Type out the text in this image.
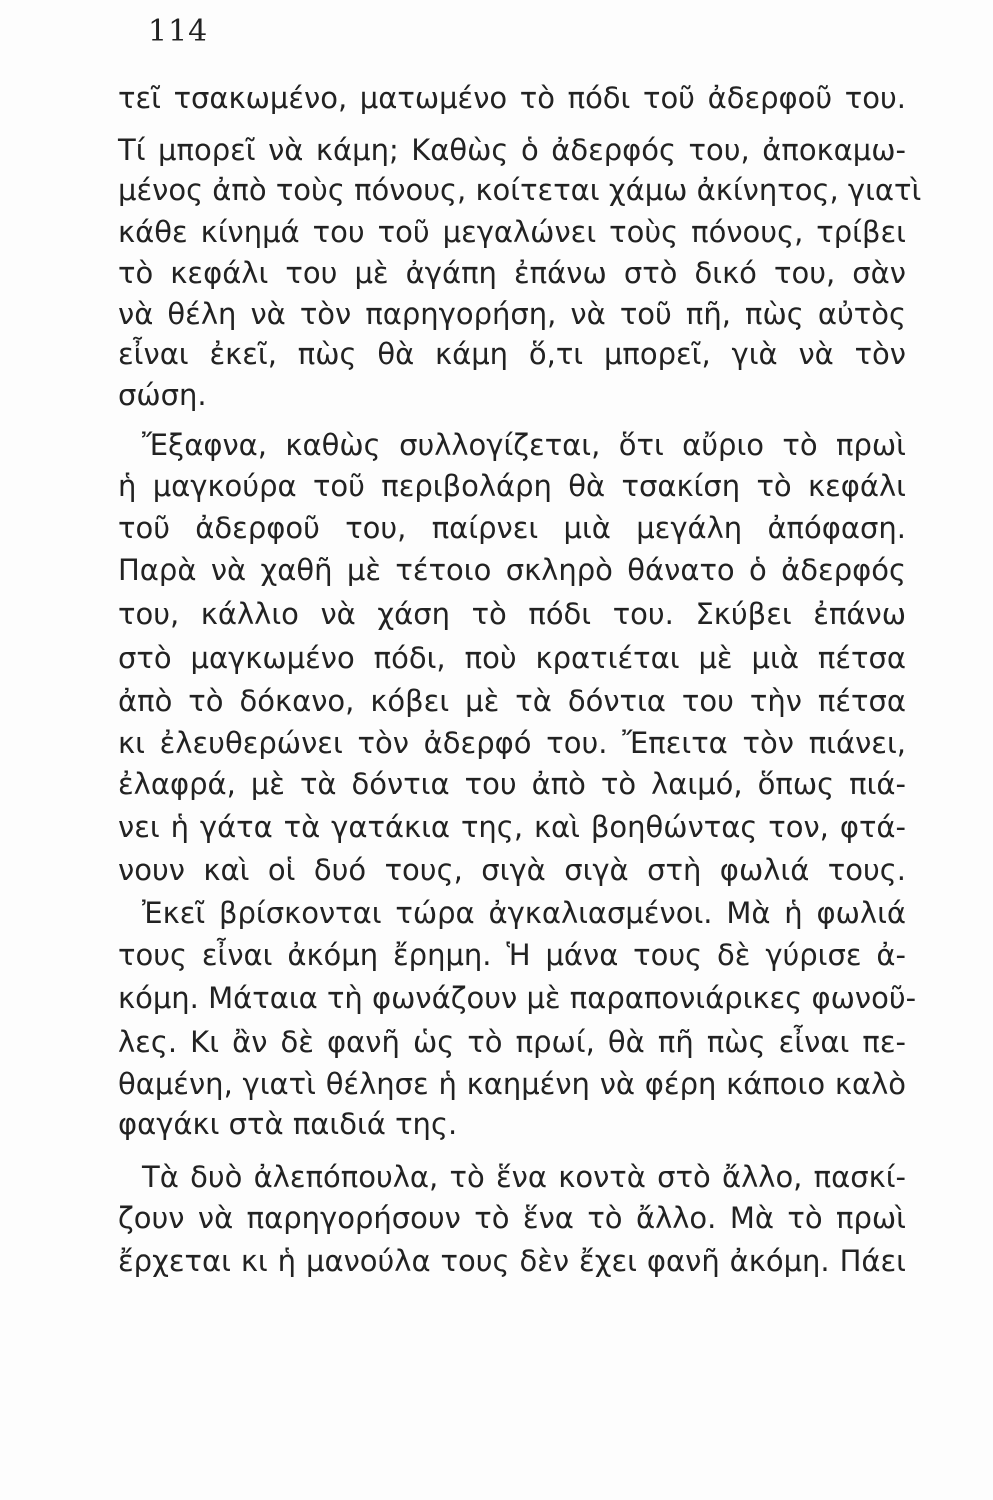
114
τεῖ τσακωμένο, ματωμένο τὸ πόδι τοῦ ἀδερφοῦ του.
Τί μπορεῖ νὰ κάμη; Καθὼς ὁ ἀδερφός του, ἀποκαμω-
μένος ἀπὸ τοὺς πόνους, κοίτεται χάμω ἀκίνητος, γιατὶ
κάθε κίνημά του τοῦ μεγαλώνει τοὺς πόνους, τρίβει
τὸ κεφάλι του μὲ ἀγάπη ἐπάνω στὸ δικό του, σὰν
νὰ θέλη νὰ τὸν παρηγορήση, νὰ τοῦ πῆ, πὼς αὐτὸς
εἶναι ἐκεῖ, πὼς θὰ κάμη ὅ,τι μπορεῖ, γιὰ νὰ τὸν
σώση.
Ἔξαφνα, καθὼς συλλογίζεται, ὅτι αὔριο τὸ πρωὶ
ἡ μαγκούρα τοῦ περιβολάρη θὰ τσακίση τὸ κεφάλι
τοῦ ἀδερφοῦ του, παίρνει μιὰ μεγάλη ἀπόφαση.
Παρὰ νὰ χαθῆ μὲ τέτοιο σκληρὸ θάνατο ὁ ἀδερφός
του, κάλλιο νὰ χάση τὸ πόδι του. Σκύβει ἐπάνω
στὸ μαγκωμένο πόδι, ποὺ κρατιέται μὲ μιὰ πέτσα
ἀπὸ τὸ δόκανο, κόβει μὲ τὰ δόντια του τὴν πέτσα
κι ἐλευθερώνει τὸν ἀδερφό του. Ἔπειτα τὸν πιάνει,
ἐλαφρά, μὲ τὰ δόντια του ἀπὸ τὸ λαιμό, ὅπως πιά-
νει ἡ γάτα τὰ γατάκια της, καὶ βοηθώντας τον, φτά-
νουν καὶ οἱ δυό τους, σιγὰ σιγὰ στὴ φωλιά τους.
Ἐκεῖ βρίσκονται τώρα ἀγκαλιασμένοι. Μὰ ἡ φωλιά
τους εἶναι ἀκόμη ἔρημη. Ἡ μάνα τους δὲ γύρισε ἀ-
κόμη. Μάταια τὴ φωνάζουν μὲ παραπονιάρικες φωνοῦ-
λες. Κι ἂν δὲ φανῆ ὡς τὸ πρωί, θὰ πῆ πὼς εἶναι πε-
θαμένη, γιατὶ θέλησε ἡ καημένη νὰ φέρη κάποιο καλὸ
φαγάκι στὰ παιδιά της.
Τὰ δυὸ ἀλεπόπουλα, τὸ ἕνα κοντὰ στὸ ἄλλο, πασκί-
ζουν νὰ παρηγορήσουν τὸ ἕνα τὸ ἄλλο. Μὰ τὸ πρωὶ
ἔρχεται κι ἡ μανούλα τους δὲν ἔχει φανῆ ἀκόμη. Πάει
